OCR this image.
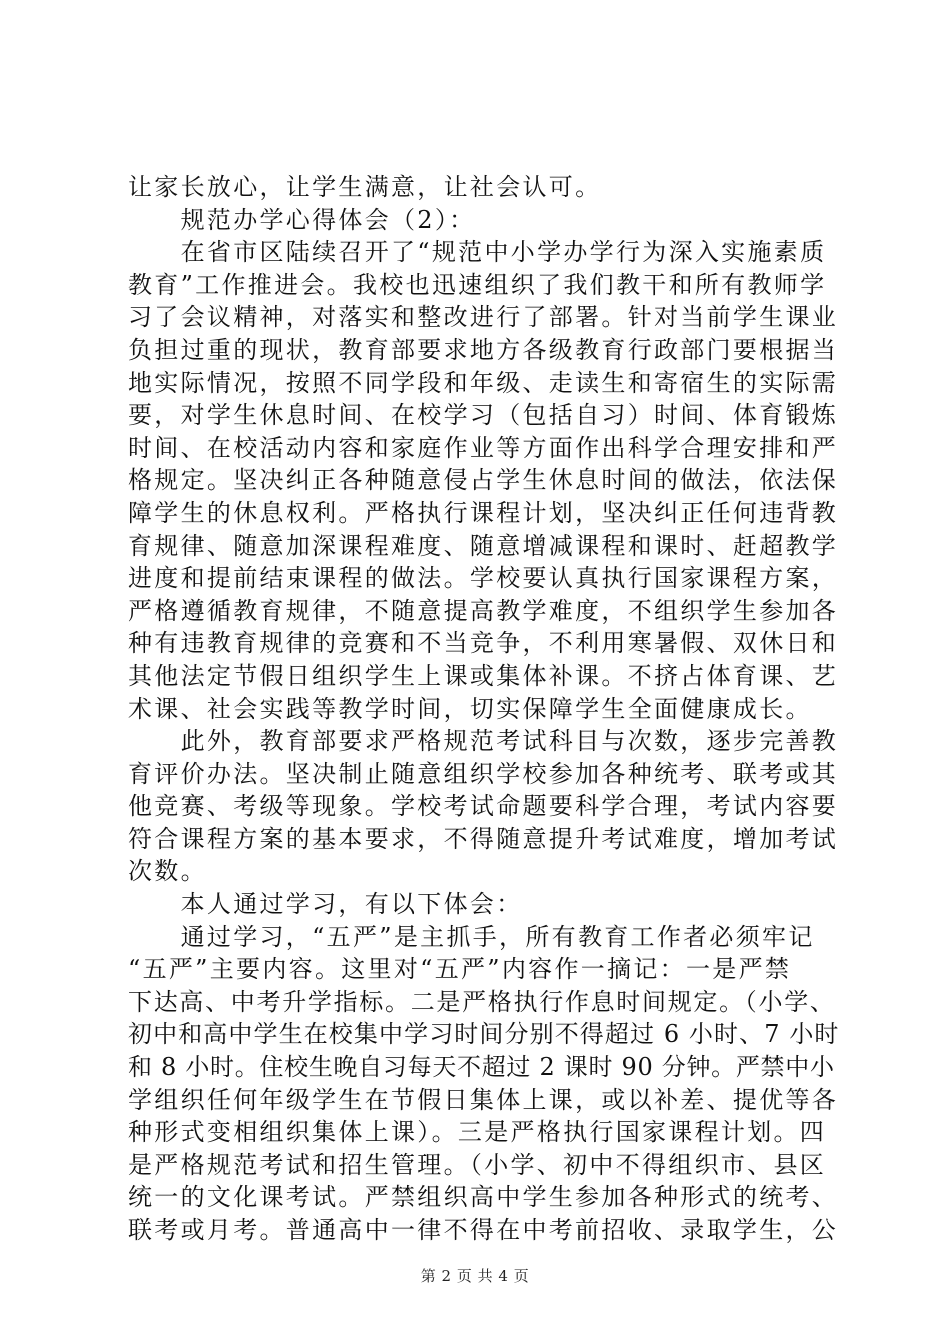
让家长放心，让学生满意，让社会认可。
　　规范办学心得体会（2）：
　　在省市区陆续召开了“规范中小学办学行为深入实施素质
教育”工作推进会。我校也迅速组织了我们教干和所有教师学
习了会议精神，对落实和整改进行了部署。针对当前学生课业
负担过重的现状，教育部要求地方各级教育行政部门要根据当
地实际情况，按照不同学段和年级、走读生和寄宿生的实际需
要，对学生休息时间、在校学习（包括自习）时间、体育锻炼
时间、在校活动内容和家庭作业等方面作出科学合理安排和严
格规定。坚决纠正各种随意侵占学生休息时间的做法，依法保
障学生的休息权利。严格执行课程计划，坚决纠正任何违背教
育规律、随意加深课程难度、随意增减课程和课时、赶超教学
进度和提前结束课程的做法。学校要认真执行国家课程方案，
严格遵循教育规律，不随意提高教学难度，不组织学生参加各
种有违教育规律的竞赛和不当竞争，不利用寒暑假、双休日和
其他法定节假日组织学生上课或集体补课。不挤占体育课、艺
术课、社会实践等教学时间，切实保障学生全面健康成长。
　　此外，教育部要求严格规范考试科目与次数，逐步完善教
育评价办法。坚决制止随意组织学校参加各种统考、联考或其
他竞赛、考级等现象。学校考试命题要科学合理，考试内容要
符合课程方案的基本要求，不得随意提升考试难度，增加考试
次数。
　　本人通过学习，有以下体会：
　　通过学习，“五严”是主抓手，所有教育工作者必须牢记
“五严”主要内容。这里对“五严”内容作一摘记：一是严禁
下达高、中考升学指标。二是严格执行作息时间规定。（小学、
初中和高中学生在校集中学习时间分别不得超过 6 小时、7 小时
和 8 小时。住校生晚自习每天不超过 2 课时 90 分钟。严禁中小
学组织任何年级学生在节假日集体上课，或以补差、提优等各
种形式变相组织集体上课）。三是严格执行国家课程计划。四
是严格规范考试和招生管理。（小学、初中不得组织市、县区
统一的文化课考试。严禁组织高中学生参加各种形式的统考、
联考或月考。普通高中一律不得在中考前招收、录取学生，公
第 2 页 共 4 页
